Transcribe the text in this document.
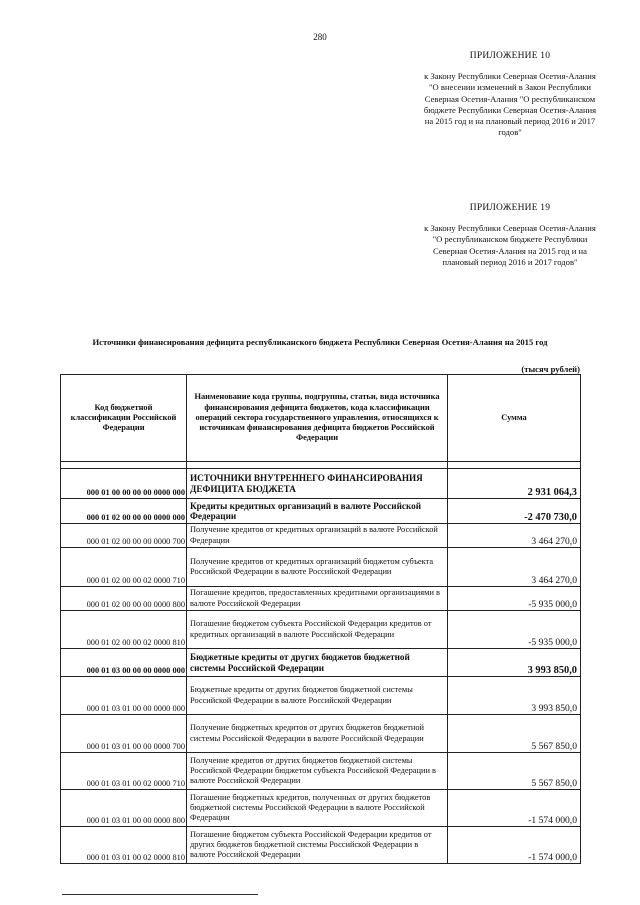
280
ПРИЛОЖЕНИЕ 10
к Закону Республики Северная Осетия-Алания "О внесении изменений в Закон Республики Северная Осетия-Алания "О республиканском бюджете Республики Северная Осетия-Алания на 2015 год и на плановый период 2016 и 2017 годов"
ПРИЛОЖЕНИЕ 19
к Закону Республики Северная Осетия-Алания "О республиканском бюджете Республики Северная Осетия-Алания на 2015 год и на плановый период 2016 и 2017 годов"
Источники финансирования дефицита республиканского бюджета Республики Северная Осетия-Алания на 2015 год
(тысяч рублей)
Код бюджетной классификации Российской Федерации	Наименование кода группы, подгруппы, статьи, вида источника финансирования дефицита бюджетов, кода классификации операций сектора государственного управления, относящихся к источникам финансирования дефицита бюджетов Российской Федерации	Сумма

000 01 00 00 00 00 0000 000	ИСТОЧНИКИ ВНУТРЕННЕГО ФИНАНСИРОВАНИЯ ДЕФИЦИТА БЮДЖЕТА	2 931 064,3
000 01 02 00 00 00 0000 000	Кредиты кредитных организаций в валюте Российской Федерации	-2 470 730,0
000 01 02 00 00 00 0000 700	Получение кредитов от кредитных организаций в валюте Российской Федерации	3 464 270,0
000 01 02 00 00 02 0000 710	Получение кредитов от кредитных организаций бюджетом субъекта Российской Федерации в валюте Российской Федерации	3 464 270,0
000 01 02 00 00 00 0000 800	Погашение кредитов, предоставленных кредитными организациями в валюте Российской Федерации	-5 935 000,0
000 01 02 00 00 02 0000 810	Погашение бюджетом субъекта Российской Федерации кредитов от кредитных организаций в валюте Российской Федерации	-5 935 000,0
000 01 03 00 00 00 0000 000	Бюджетные кредиты от других бюджетов бюджетной системы Российской Федерации	3 993 850,0
000 01 03 01 00 00 0000 000	Бюджетные кредиты от других бюджетов бюджетной системы Российской Федерации в валюте Российской Федерации	3 993 850,0
000 01 03 01 00 00 0000 700	Получение бюджетных кредитов от других бюджетов бюджетной системы Российской Федерации в валюте Российской Федерации	5 567 850,0
000 01 03 01 00 02 0000 710	Получение кредитов от других бюджетов бюджетной системы Российской Федерации бюджетом субъекта Российской Федерации в валюте Российской Федерации	5 567 850,0
000 01 03 01 00 00 0000 800	Погашение бюджетных кредитов, полученных от других бюджетов бюджетной системы Российской Федерации в валюте Российской Федерации	-1 574 000,0
000 01 03 01 00 02 0000 810	Погашение бюджетом субъекта Российской Федерации кредитов от других бюджетов бюджетной системы Российской Федерации в валюте Российской Федерации	-1 574 000,0
